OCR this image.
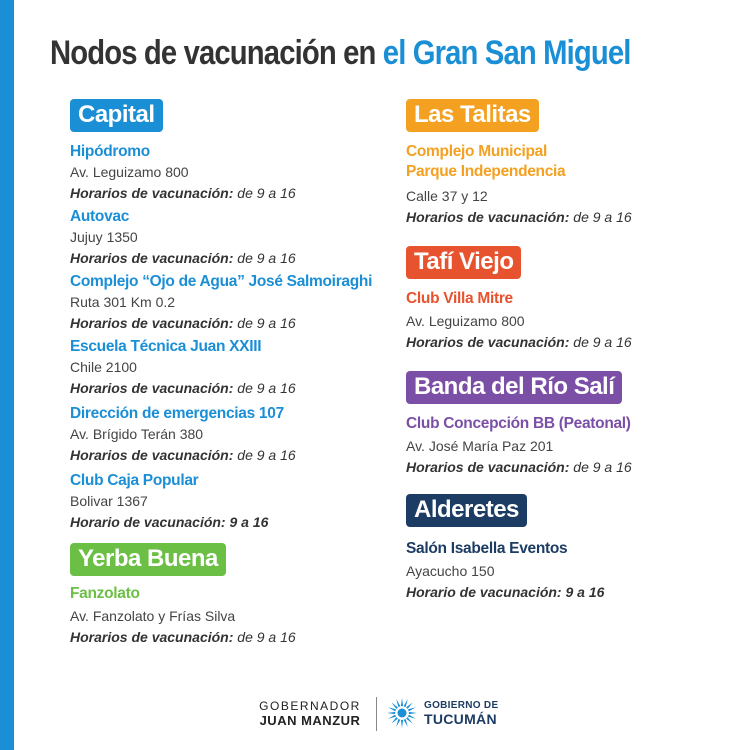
Nodos de vacunación en el Gran San Miguel
Capital
Hipódromo
Av. Leguizamo 800
Horarios de vacunación: de 9 a 16
Autovac
Jujuy 1350
Horarios de vacunación: de 9 a 16
Complejo “Ojo de Agua” José Salmoiraghi
Ruta 301 Km 0.2
Horarios de vacunación: de 9 a 16
Escuela Técnica Juan XXIII
Chile 2100
Horarios de vacunación: de 9 a 16
Dirección de emergencias 107
Av. Brígido Terán 380
Horarios de vacunación: de 9 a 16
Club Caja Popular
Bolivar 1367
Horario de vacunación: 9 a 16
Yerba Buena
Fanzolato
Av. Fanzolato y Frías Silva
Horarios de vacunación: de 9 a 16
Las Talitas
Complejo Municipal
Parque Independencia
Calle 37 y 12
Horarios de vacunación: de 9 a 16
Tafí Viejo
Club Villa Mitre
Av. Leguizamo 800
Horarios de vacunación: de 9 a 16
Banda del Río Salí
Club Concepción BB (Peatonal)
Av. José María Paz 201
Horarios de vacunación: de 9 a 16
Alderetes
Salón Isabella Eventos
Ayacucho 150
Horario de vacunación: 9 a 16
GOBERNADOR
JUAN MANZUR
GOBIERNO DE
TUCUMÁN
